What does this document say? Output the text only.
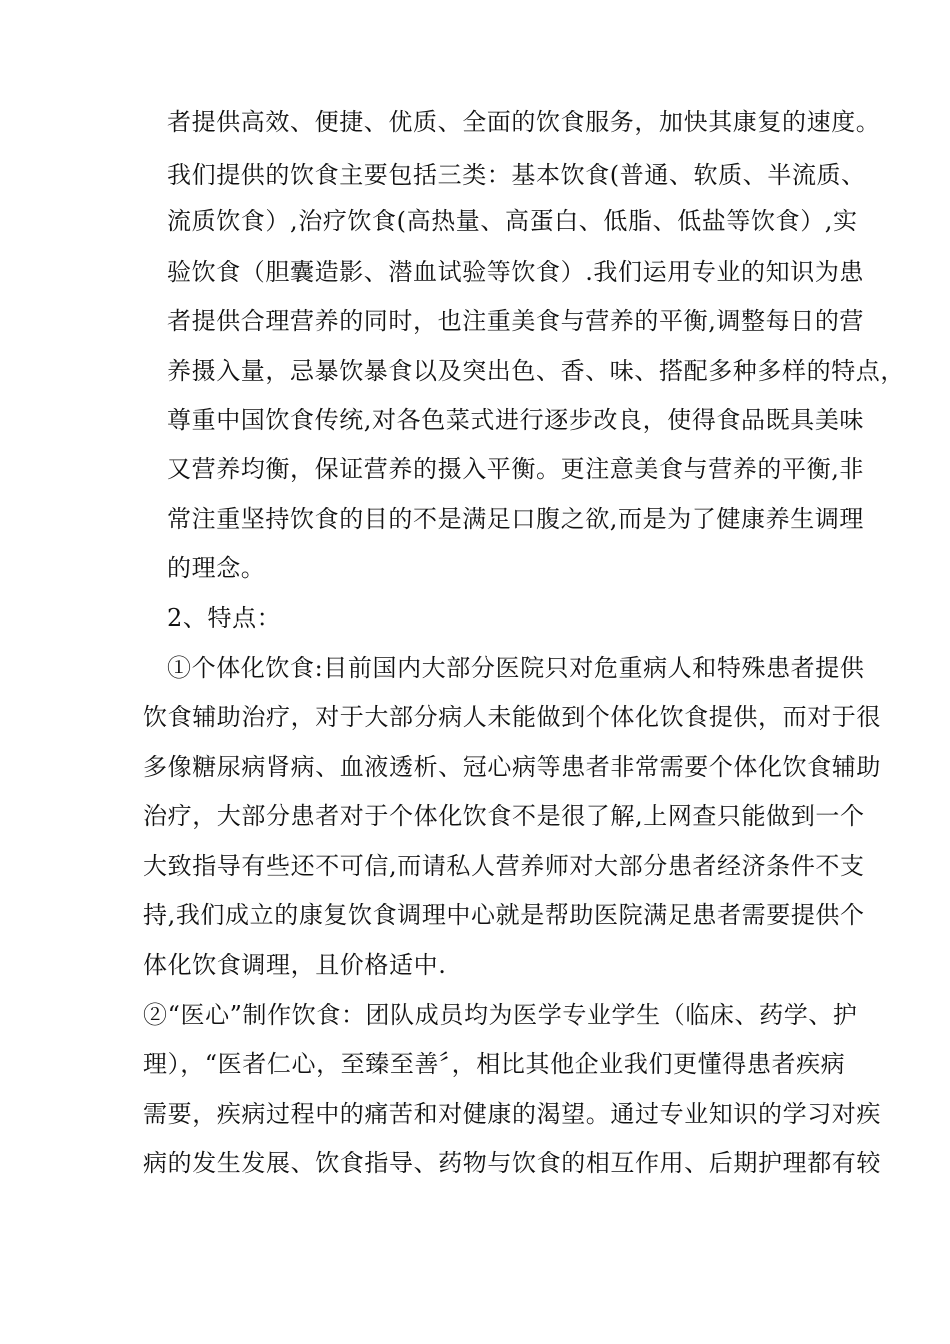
者提供高效、便捷、优质、全面的饮食服务，加快其康复的速度。
我们提供的饮食主要包括三类：基本饮食(普通、软质、半流质、
流质饮食）,治疗饮食(高热量、高蛋白、低脂、低盐等饮食）,实
验饮食（胆囊造影、潜血试验等饮食）.我们运用专业的知识为患
者提供合理营养的同时，也注重美食与营养的平衡,调整每日的营
养摄入量，忌暴饮暴食以及突出色、香、味、搭配多种多样的特点，
尊重中国饮食传统,对各色菜式进行逐步改良，使得食品既具美味
又营养均衡，保证营养的摄入平衡。更注意美食与营养的平衡,非
常注重坚持饮食的目的不是满足口腹之欲,而是为了健康养生调理
的理念。
2、特点：
①个体化饮食:目前国内大部分医院只对危重病人和特殊患者提供
饮食辅助治疗，对于大部分病人未能做到个体化饮食提供，而对于很
多像糖尿病肾病、血液透析、冠心病等患者非常需要个体化饮食辅助
治疗，大部分患者对于个体化饮食不是很了解,上网查只能做到一个
大致指导有些还不可信,而请私人营养师对大部分患者经济条件不支
持,我们成立的康复饮食调理中心就是帮助医院满足患者需要提供个
体化饮食调理，且价格适中.
②“医心”制作饮食：团队成员均为医学专业学生（临床、药学、护
理），“医者仁心，至臻至善〞，相比其他企业我们更懂得患者疾病
需要，疾病过程中的痛苦和对健康的渴望。通过专业知识的学习对疾
病的发生发展、饮食指导、药物与饮食的相互作用、后期护理都有较
